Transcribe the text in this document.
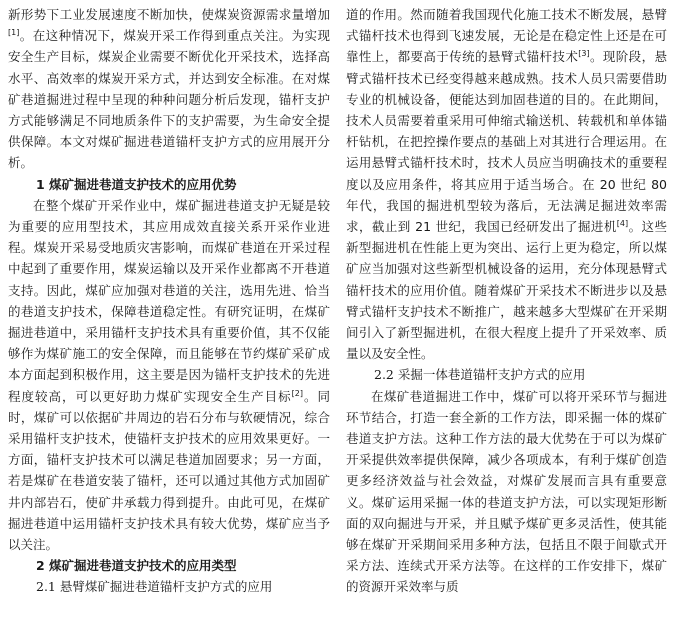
新形势下工业发展速度不断加快，使煤炭资源需求量增加[1]。在这种情况下，煤炭开采工作得到重点关注。为实现安全生产目标，煤炭企业需要不断优化开采技术，选择高水平、高效率的煤炭开采方式，并达到安全标准。在对煤矿巷道掘进过程中呈现的种种问题分析后发现，锚杆支护方式能够满足不同地质条件下的支护需要，为生命安全提供保障。本文对煤矿掘进巷道锚杆支护方式的应用展开分析。

1 煤矿掘进巷道支护技术的应用优势

在整个煤矿开采作业中，煤矿掘进巷道支护无疑是较为重要的应用型技术，其应用成效直接关系开采作业进程。煤炭开采易受地质灾害影响，而煤矿巷道在开采过程中起到了重要作用，煤炭运输以及开采作业都离不开巷道支持。因此，煤矿应加强对巷道的关注，选用先进、恰当的巷道支护技术，保障巷道稳定性。有研究证明，在煤矿掘进巷道中，采用锚杆支护技术具有重要价值，其不仅能够作为煤矿施工的安全保障，而且能够在节约煤矿采矿成本方面起到积极作用，这主要是因为锚杆支护技术的先进程度较高，可以更好助力煤矿实现安全生产目标[2]。同时，煤矿可以依据矿井周边的岩石分布与软硬情况，综合采用锚杆支护技术，使锚杆支护技术的应用效果更好。一方面，锚杆支护技术可以满足巷道加固要求；另一方面，若是煤矿在巷道安装了锚杆，还可以通过其他方式加固矿井内部岩石，使矿井承载力得到提升。由此可见，在煤矿掘进巷道中运用锚杆支护技术具有较大优势，煤矿应当予以关注。

2 煤矿掘进巷道支护技术的应用类型

2.1 悬臂煤矿掘进巷道锚杆支护方式的应用

道的作用。然而随着我国现代化施工技术不断发展，悬臂式锚杆技术也得到飞速发展，无论是在稳定性上还是在可靠性上，都要高于传统的悬臂式锚杆技术[3]。现阶段，悬臂式锚杆技术已经变得越来越成熟。技术人员只需要借助专业的机械设备，便能达到加固巷道的目的。在此期间，技术人员需要着重采用可伸缩式输送机、转载机和单体锚杆钻机，在把控操作要点的基础上对其进行合理运用。在运用悬臂式锚杆技术时，技术人员应当明确技术的重要程度以及应用条件，将其应用于适当场合。在 20 世纪 80 年代，我国的掘进机型较为落后，无法满足掘进效率需求，截止到 21 世纪，我国已经研发出了掘进机[4]。这些新型掘进机在性能上更为突出、运行上更为稳定，所以煤矿应当加强对这些新型机械设备的运用，充分体现悬臂式锚杆技术的应用价值。随着煤矿开采技术不断进步以及悬臂式锚杆支护技术不断推广，越来越多大型煤矿在开采期间引入了新型掘进机，在很大程度上提升了开采效率、质量以及安全性。

2.2 采掘一体巷道锚杆支护方式的应用

在煤矿巷道掘进工作中，煤矿可以将开采环节与掘进环节结合，打造一套全新的工作方法，即采掘一体的煤矿巷道支护方法。这种工作方法的最大优势在于可以为煤矿开采提供效率提供保障，减少各项成本，有利于煤矿创造更多经济效益与社会效益，对煤矿发展而言具有重要意义。煤矿运用采掘一体的巷道支护方法，可以实现矩形断面的双向掘进与开采，并且赋予煤矿更多灵活性，使其能够在煤矿开采期间采用多种方法，包括且不限于间歇式开采方法、连续式开采方法等。在这样的工作安排下，煤矿的资源开采效率与质
